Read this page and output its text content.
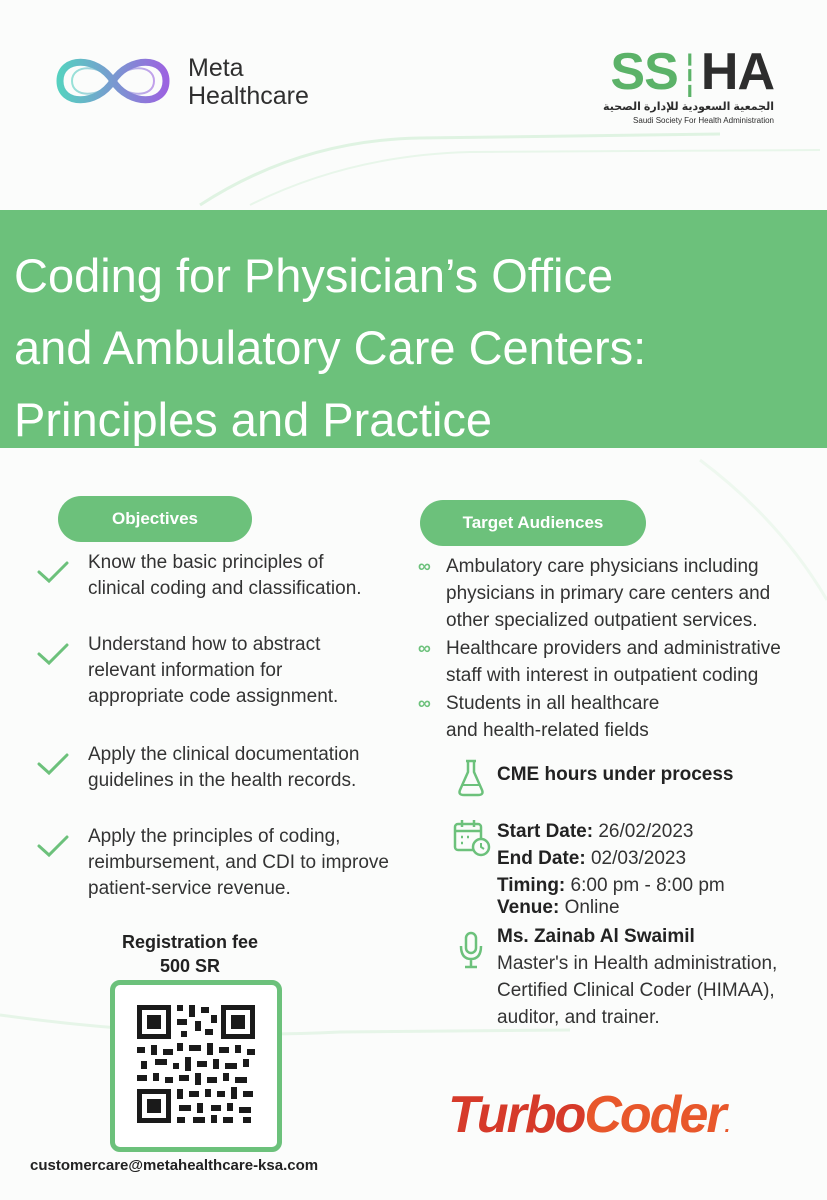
Meta
Healthcare	SS┆HA
الجمعية السعودية للإدارة الصحية
Saudi Society For Health Administration
Coding for Physician’s Office
and Ambulatory Care Centers:
Principles and Practice
Objectives
Know the basic principles of
clinical coding and classification.
Understand how to abstract
relevant information for
appropriate code assignment.
Apply the clinical documentation
guidelines in the health records.
Apply the principles of coding,
reimbursement, and CDI to improve
patient-service revenue.
Target Audiences
∞ Ambulatory care physicians including
physicians in primary care centers and
other specialized outpatient services.
∞ Healthcare providers and administrative
staff with interest in outpatient coding
∞ Students in all healthcare
and health-related fields
CME hours under process
Start Date: 26/02/2023
End Date: 02/03/2023
Timing: 6:00 pm - 8:00 pm
Venue: Online
Ms. Zainab Al Swaimil
Master's in Health administration,
Certified Clinical Coder (HIMAA),
auditor, and trainer.
Registration fee
500 SR
customercare@metahealthcare-ksa.com
TurboCoder.
